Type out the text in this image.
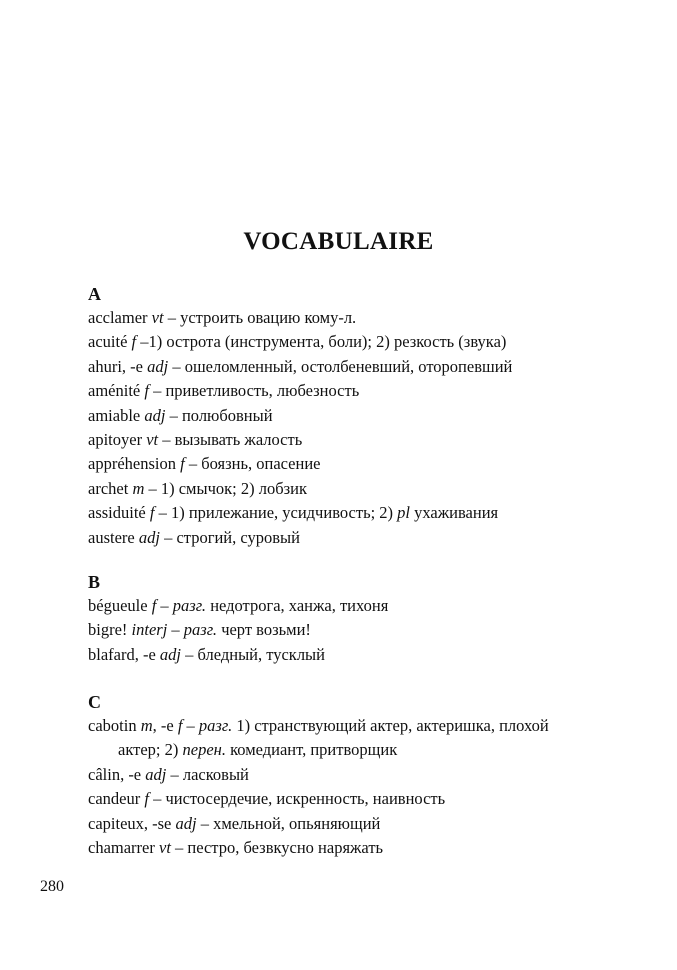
VOCABULAIRE
A
acclamer vt – устроить овацию кому-л.
acuité f –1) острота (инструмента, боли); 2) резкость (звука)
ahuri, -e adj – ошеломленный, остолбеневший, оторопевший
aménité f – приветливость, любезность
amiable adj – полюбовный
apitoyer vt – вызывать жалость
appréhension f – боязнь, опасение
archet m – 1) смычок; 2) лобзик
assiduité f – 1) прилежание, усидчивость; 2) pl ухаживания
austere adj – строгий, суровый
B
bégueule f – разг. недотрога, ханжа, тихоня
bigre! interj – разг. черт возьми!
blafard, -e adj – бледный, тусклый
C
cabotin m, -e f – разг. 1) странствующий актер, актеришка, плохой
актер; 2) перен. комедиант, притворщик
câlin, -e adj – ласковый
candeur f – чистосердечие, искренность, наивность
capiteux, -se adj – хмельной, опьяняющий
chamarrer vt – пестро, безвкусно наряжать
280
